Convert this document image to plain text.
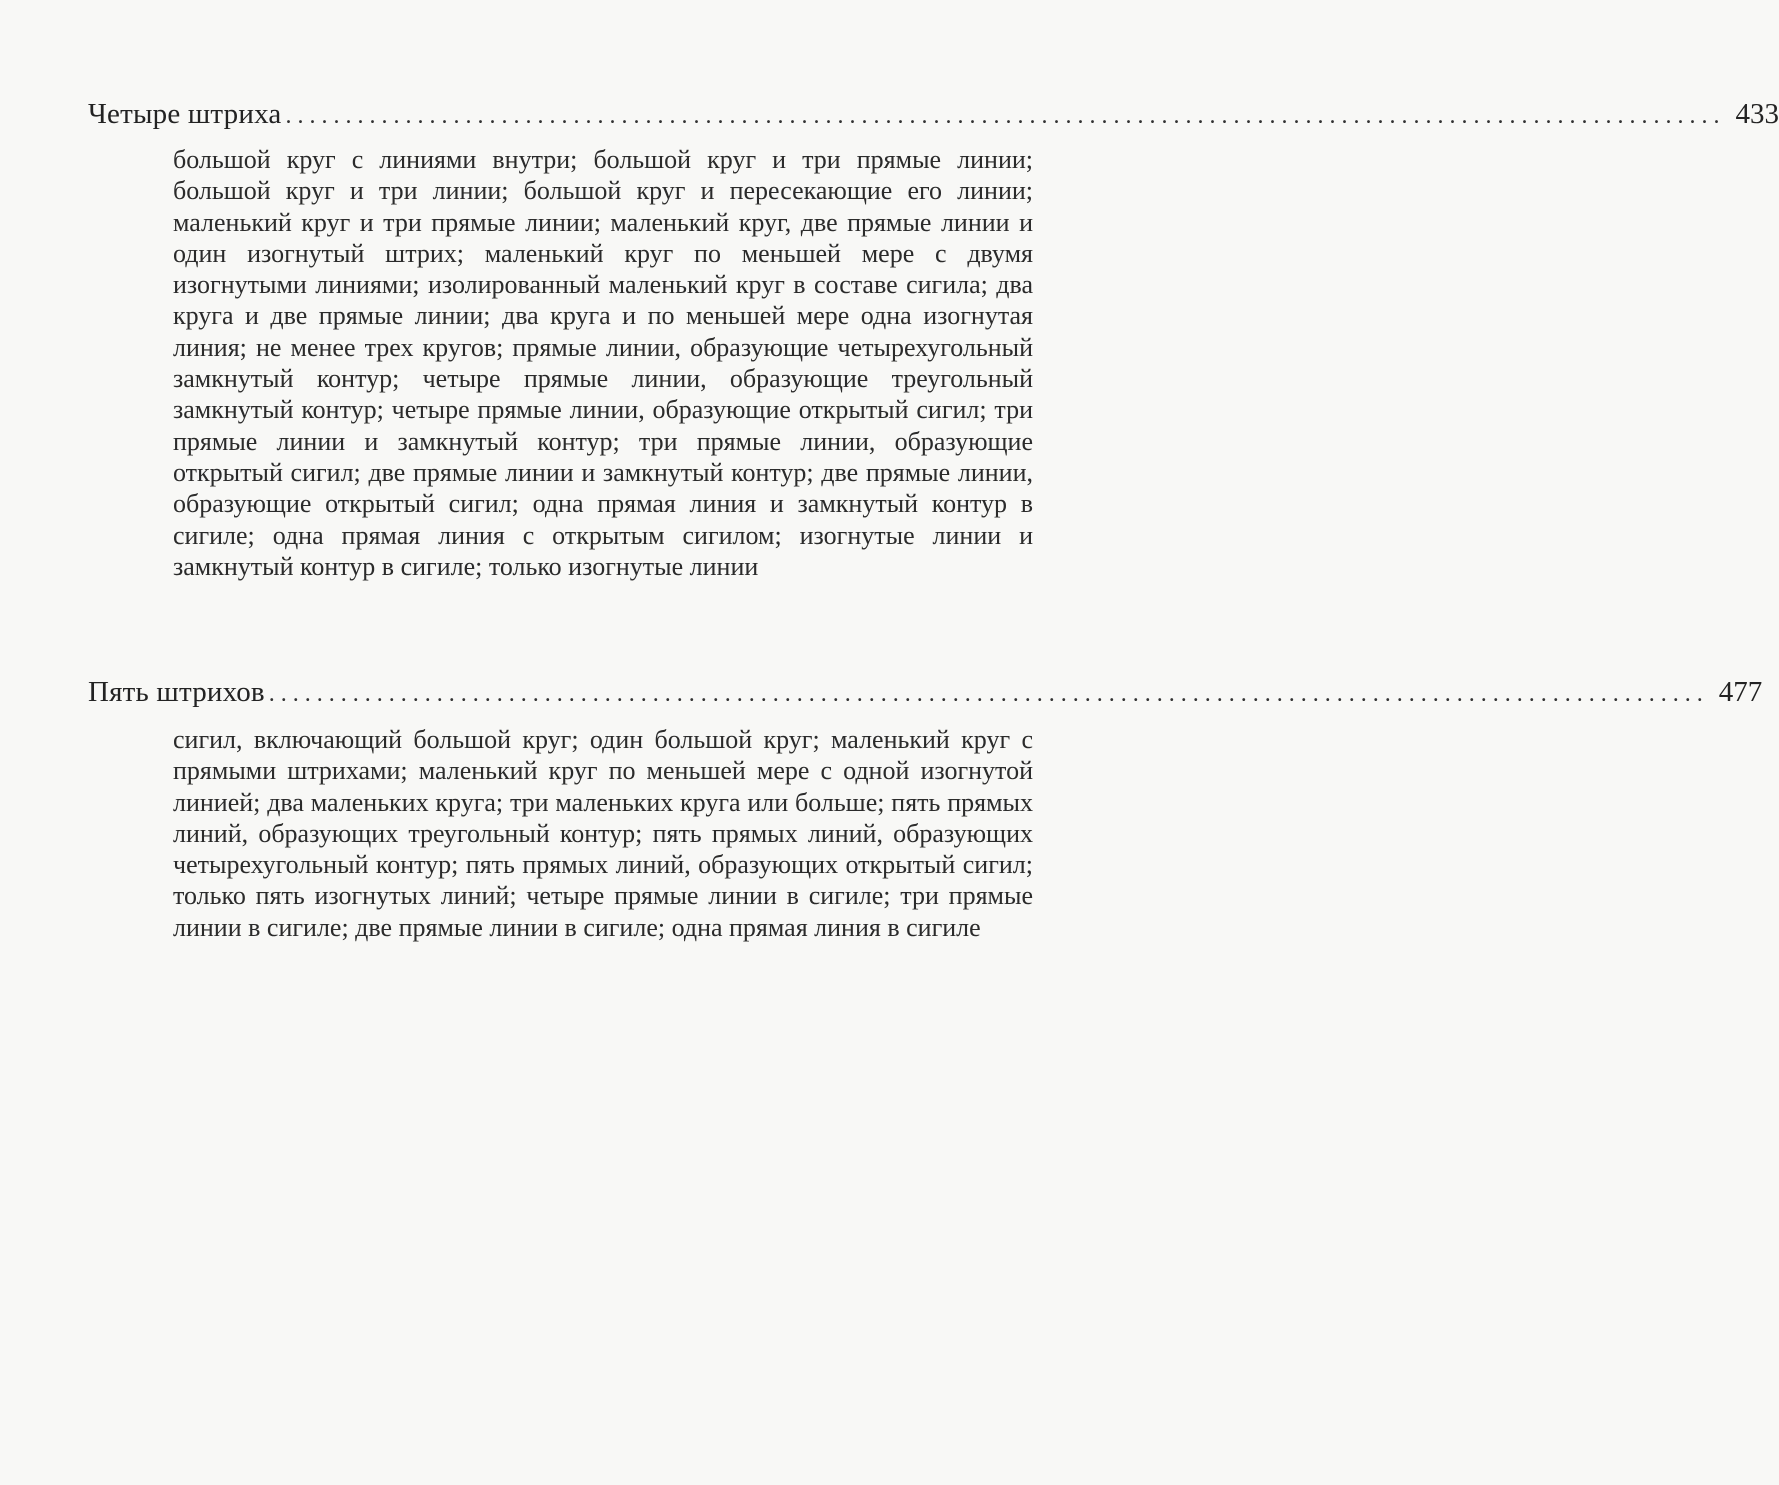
Четыре штриха ........................................................................................................................ 433
большой круг с линиями внутри; большой круг и три прямые линии; большой круг и три линии; большой круг и пересекающие его линии; маленький круг и три прямые линии; маленький круг, две прямые линии и один изогнутый штрих; маленький круг по меньшей мере с двумя изогнутыми линиями; изолированный маленький круг в составе сигила; два круга и две прямые линии; два круга и по меньшей мере одна изогнутая линия; не менее трех кругов; прямые линии, образующие четырехугольный замкнутый контур; четыре прямые линии, образующие треугольный замкнутый контур; четыре прямые линии, образующие открытый сигил; три прямые линии и замкнутый контур; три прямые линии, образующие открытый сигил; две прямые линии и замкнутый контур; две прямые линии, образующие открытый сигил; одна прямая линия и замкнутый контур в сигиле; одна прямая линия с открытым сигилом; изогнутые линии и замкнутый контур в сигиле; только изогнутые линии
Пять штрихов ........................................................................................................................ 477
сигил, включающий большой круг; один большой круг; маленький круг с прямыми штрихами; маленький круг по меньшей мере с одной изогнутой линией; два маленьких круга; три маленьких круга или больше; пять прямых линий, образующих треугольный контур; пять прямых линий, образующих четырехугольный контур; пять прямых линий, образующих открытый сигил; только пять изогнутых линий; четыре прямые линии в сигиле; три прямые линии в сигиле; две прямые линии в сигиле; одна прямая линия в сигиле
